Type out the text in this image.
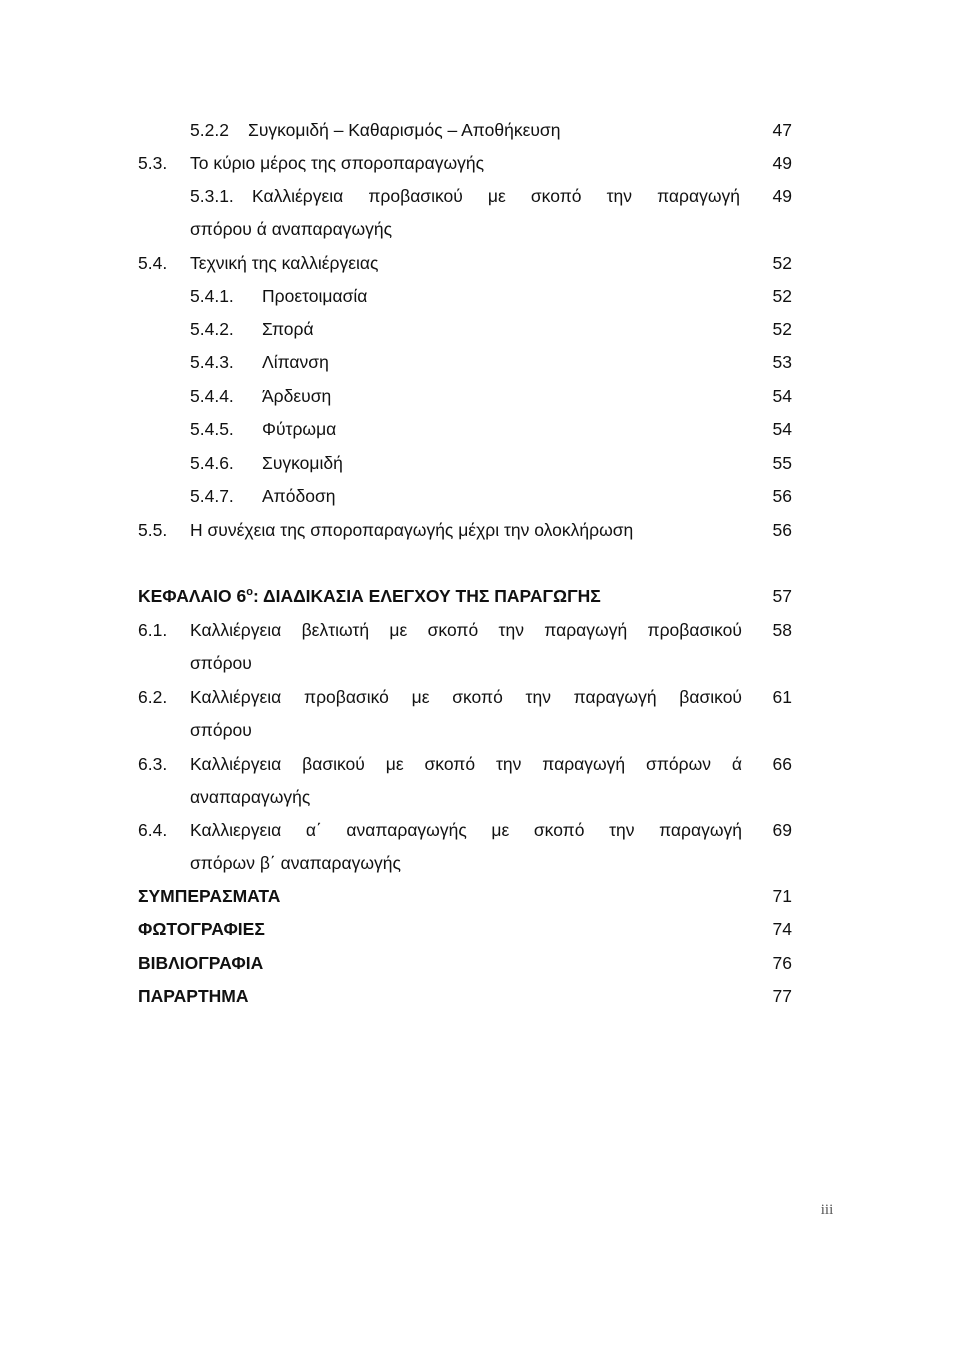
5.2.2 Συγκομιδή – Καθαρισμός – Αποθήκευση	47
5.3. Το κύριο μέρος της σποροπαραγωγής	49
5.3.1. Καλλιέργεια προβασικού με σκοπό την παραγωγή	49
σπόρου ά αναπαραγωγής
5.4. Τεχνική της καλλιέργειας	52
5.4.1. Προετοιμασία	52
5.4.2. Σπορά	52
5.4.3. Λίπανση	53
5.4.4. Άρδευση	54
5.4.5. Φύτρωμα	54
5.4.6. Συγκομιδή	55
5.4.7. Απόδοση	56
5.5. Η συνέχεια της σποροπαραγωγής μέχρι την ολοκλήρωση	56
ΚΕΦΑΛΑΙΟ $6^o$: ΔΙΑΔΙΚΑΣΙΑ ΕΛΕΓΧΟΥ ΤΗΣ ΠΑΡΑΓΩΓΗΣ	57
6.1. Καλλιέργεια βελτιωτή με σκοπό την παραγωγή προβασικού	58
σπόρου
6.2. Καλλιέργεια προβασικό με σκοπό την παραγωγή βασικού	61
σπόρου
6.3. Καλλιέργεια βασικού με σκοπό την παραγωγή σπόρων ά	66
αναπαραγωγής
6.4. Καλλιεργεια α΄ αναπαραγωγής με σκοπό την παραγωγή	69
σπόρων β΄ αναπαραγωγής
ΣΥΜΠΕΡΑΣΜΑΤΑ	71
ΦΩΤΟΓΡΑΦΙΕΣ	74
ΒΙΒΛΙΟΓΡΑΦΙΑ	76
ΠΑΡΑΡΤΗΜΑ	77
iii
